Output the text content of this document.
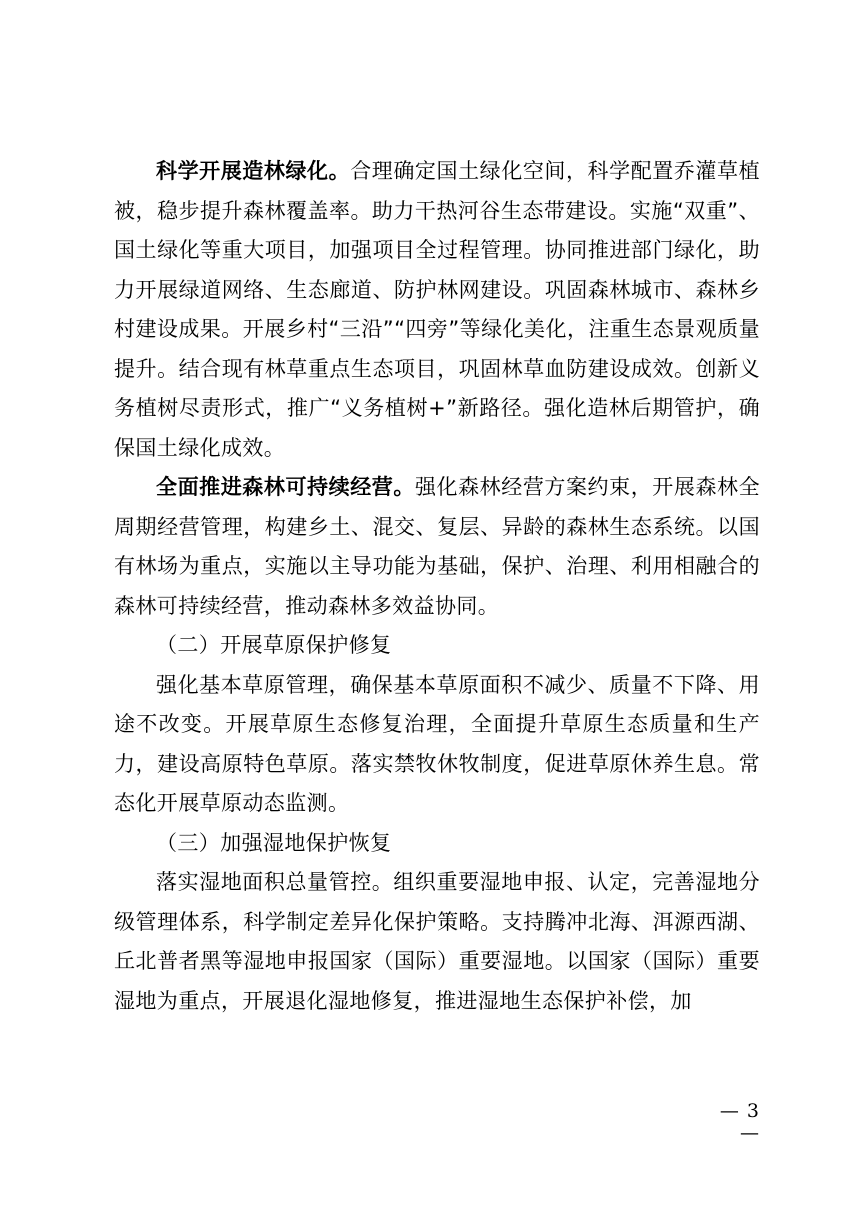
科学开展造林绿化。合理确定国土绿化空间，科学配置乔灌草植被，稳步提升森林覆盖率。助力干热河谷生态带建设。实施“双重”、国土绿化等重大项目，加强项目全过程管理。协同推进部门绿化，助力开展绿道网络、生态廊道、防护林网建设。巩固森林城市、森林乡村建设成果。开展乡村“三沿”“四旁”等绿化美化，注重生态景观质量提升。结合现有林草重点生态项目，巩固林草血防建设成效。创新义务植树尽责形式，推广“义务植树+”新路径。强化造林后期管护，确保国土绿化成效。

全面推进森林可持续经营。强化森林经营方案约束，开展森林全周期经营管理，构建乡土、混交、复层、异龄的森林生态系统。以国有林场为重点，实施以主导功能为基础，保护、治理、利用相融合的森林可持续经营，推动森林多效益协同。

（二）开展草原保护修复

强化基本草原管理，确保基本草原面积不减少、质量不下降、用途不改变。开展草原生态修复治理，全面提升草原生态质量和生产力，建设高原特色草原。落实禁牧休牧制度，促进草原休养生息。常态化开展草原动态监测。

（三）加强湿地保护恢复

落实湿地面积总量管控。组织重要湿地申报、认定，完善湿地分级管理体系，科学制定差异化保护策略。支持腾冲北海、洱源西湖、丘北普者黑等湿地申报国家（国际）重要湿地。以国家（国际）重要湿地为重点，开展退化湿地修复，推进湿地生态保护补偿，加

— 3 —
